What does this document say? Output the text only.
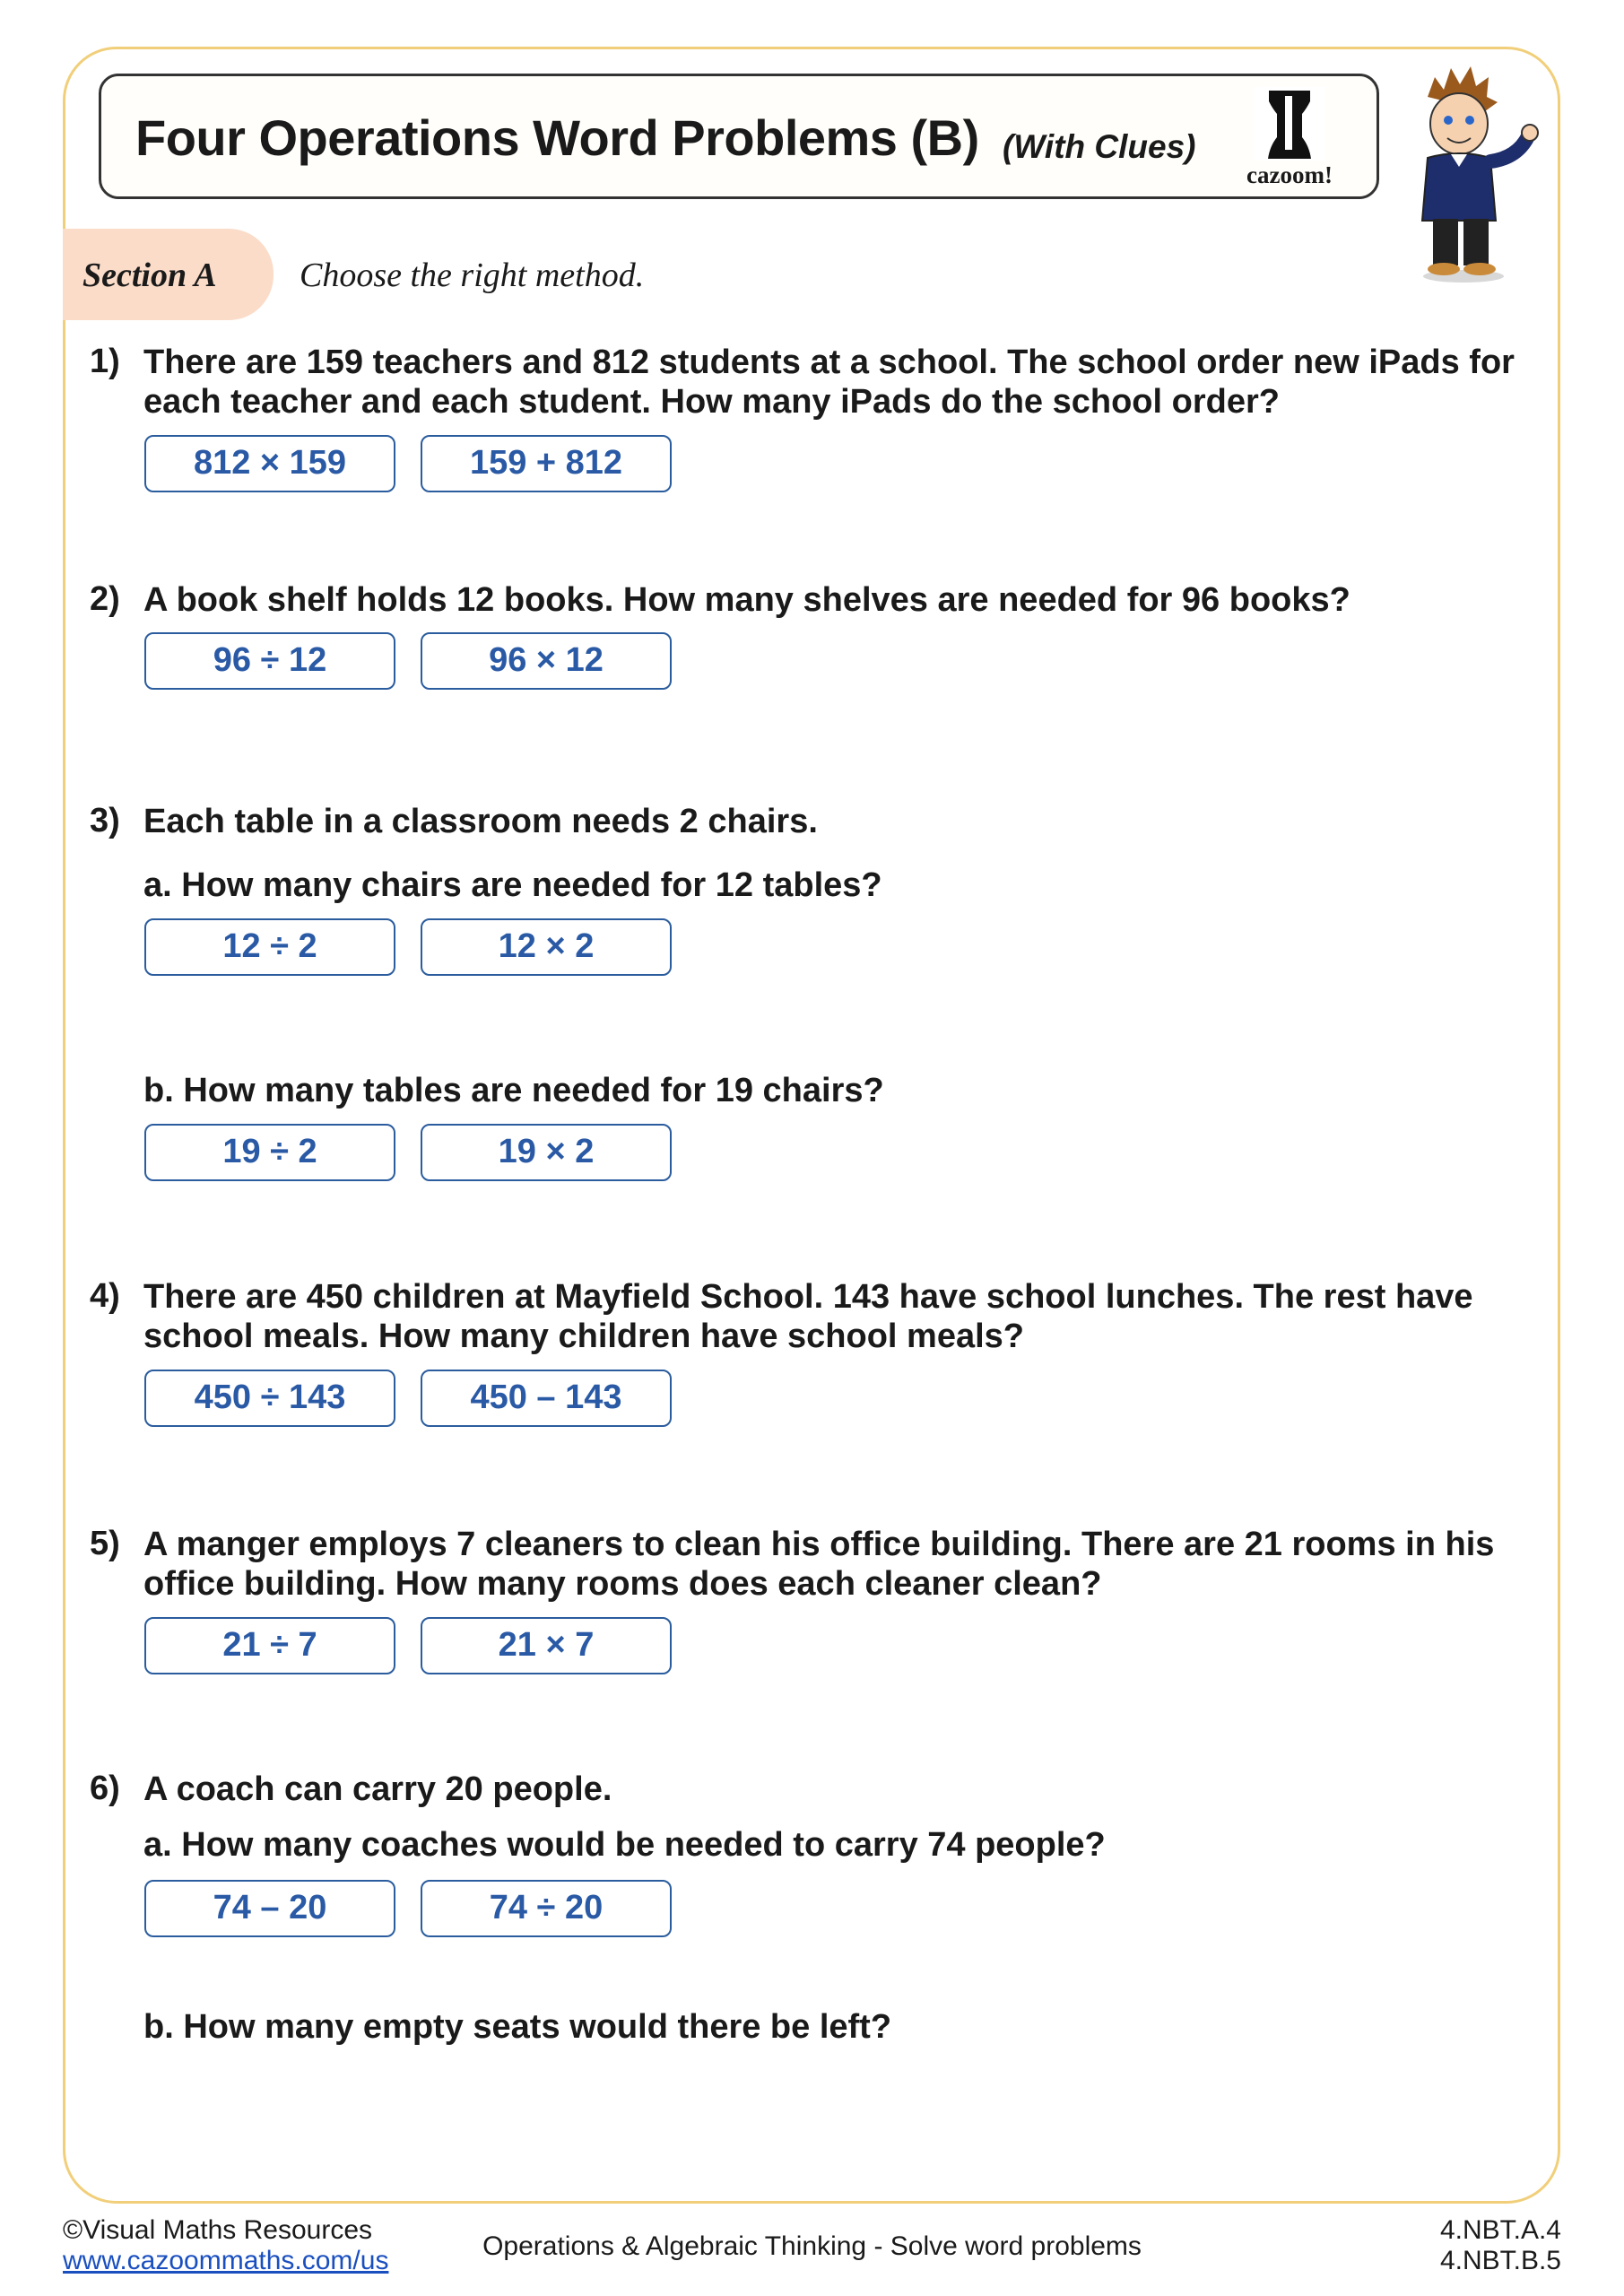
Four Operations Word Problems (B) (With Clues)
cazoom!
Section A Choose the right method.
1) There are 159 teachers and 812 students at a school. The school order new iPads for
each teacher and each student. How many iPads do the school order?
812 × 159	159 + 812
2) A book shelf holds 12 books. How many shelves are needed for 96 books?
96 ÷ 12	96 × 12
3) Each table in a classroom needs 2 chairs.
a. How many chairs are needed for 12 tables?
12 ÷ 2	12 × 2
b. How many tables are needed for 19 chairs?
19 ÷ 2	19 × 2
4) There are 450 children at Mayfield School. 143 have school lunches. The rest have
school meals. How many children have school meals?
450 ÷ 143	450 – 143
5) A manger employs 7 cleaners to clean his office building. There are 21 rooms in his
office building. How many rooms does each cleaner clean?
21 ÷ 7	21 × 7
6) A coach can carry 20 people.
a. How many coaches would be needed to carry 74 people?
74 – 20	74 ÷ 20
b. How many empty seats would there be left?
©Visual Maths Resources
www.cazoommaths.com/us	Operations & Algebraic Thinking - Solve word problems
4.NBT.A.4
4.NBT.B.5
